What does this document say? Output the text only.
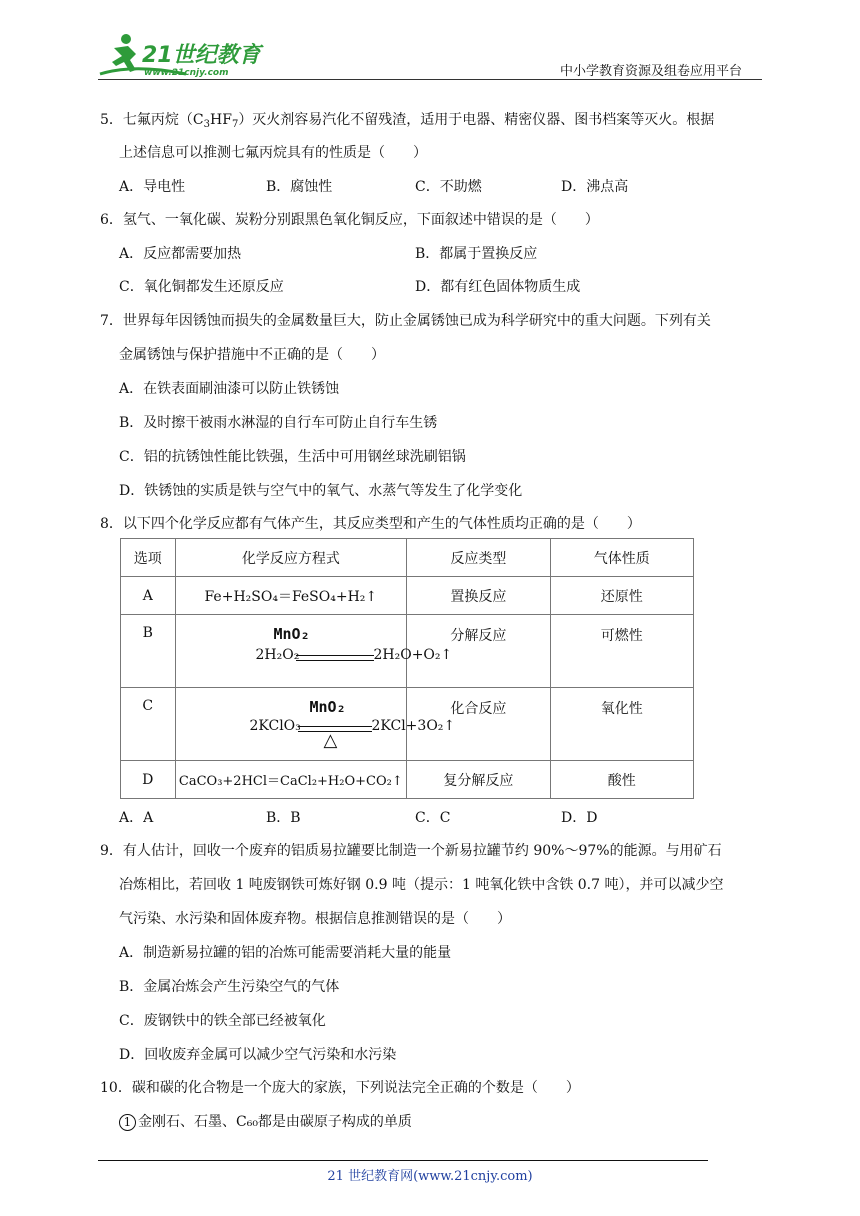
21世纪教育
www.21cnjy.com	中小学教育资源及组卷应用平台
5．七氟丙烷$(C_3HF_7)$灭火剂容易汽化不留残渣，适用于电器、精密仪器、图书档案等灭火。根据
上述信息可以推测七氟丙烷具有的性质是（　　）
A．导电性	B．腐蚀性	C．不助燃	D．沸点高
6．氢气、一氧化碳、炭粉分别跟黑色氧化铜反应，下面叙述中错误的是（　　）
A．反应都需要加热	B．都属于置换反应
C．氧化铜都发生还原反应	D．都有红色固体物质生成
7．世界每年因锈蚀而损失的金属数量巨大，防止金属锈蚀已成为科学研究中的重大问题。下列有关
金属锈蚀与保护措施中不正确的是（　　）
A．在铁表面刷油漆可以防止铁锈蚀
B．及时擦干被雨水淋湿的自行车可防止自行车生锈
C．铝的抗锈蚀性能比铁强，生活中可用钢丝球洗刷铝锅
D．铁锈蚀的实质是铁与空气中的氧气、水蒸气等发生了化学变化
8．以下四个化学反应都有气体产生，其反应类型和产生的气体性质均正确的是（　　）
选项	化学反应方程式	反应类型	气体性质
A	Fe+H₂SO₄＝FeSO₄+H₂↑	置换反应	还原性

B	MnO₂
2H₂O₂ 2H₂O+O₂↑	分解反应	可燃性

C	MnO₂
2KClO₃ 2KCl+3O₂↑
△	化合反应	氧化性

D	CaCO₃+2HCl＝CaCl₂+H₂O+CO₂↑	复分解反应	酸性
A．A	B．B	C．C	D．D
9．有人估计，回收一个废弃的铝质易拉罐要比制造一个新易拉罐节约 90%～97%的能源。与用矿石
冶炼相比，若回收 1 吨废钢铁可炼好钢 0.9 吨（提示：1 吨氧化铁中含铁 0.7 吨），并可以减少空
气污染、水污染和固体废弃物。根据信息推测错误的是（　　）
A．制造新易拉罐的铝的冶炼可能需要消耗大量的能量
B．金属冶炼会产生污染空气的气体
C．废钢铁中的铁全部已经被氧化
D．回收废弃金属可以减少空气污染和水污染
10．碳和碳的化合物是一个庞大的家族，下列说法完全正确的个数是（　　）
1 金刚石、石墨、C₆₀都是由碳原子构成的单质
21 世纪教育网(www.21cnjy.com)
